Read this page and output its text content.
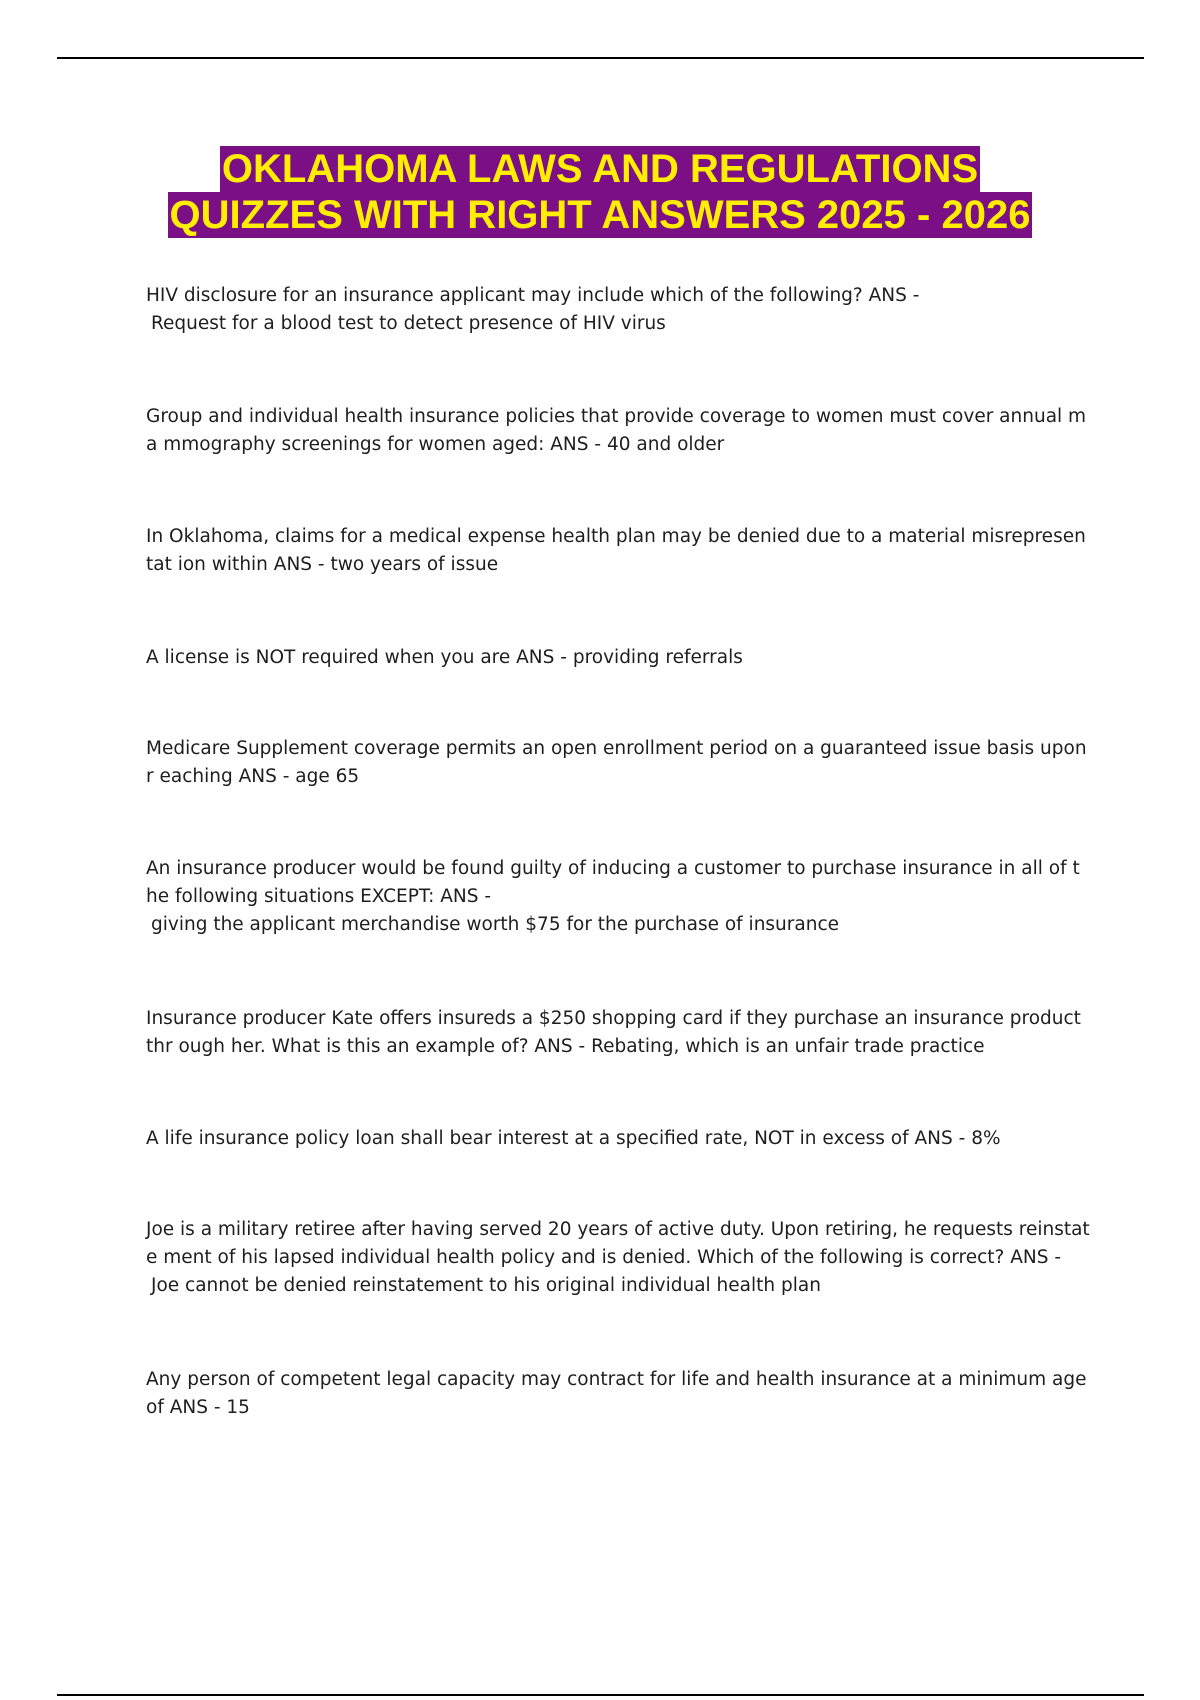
OKLAHOMA LAWS AND REGULATIONS
QUIZZES WITH RIGHT ANSWERS 2025 - 2026
HIV disclosure for an insurance applicant may include which of the following? ANS -
Request for a blood test to detect presence of HIV virus
Group and individual health insurance policies that provide coverage to women must cover annual ma mmography screenings for women aged: ANS - 40 and older
In Oklahoma, claims for a medical expense health plan may be denied due to a material misrepresentat ion within ANS - two years of issue
A license is NOT required when you are ANS - providing referrals
Medicare Supplement coverage permits an open enrollment period on a guaranteed issue basis upon r eaching ANS - age 65
An insurance producer would be found guilty of inducing a customer to purchase insurance in all of the following situations EXCEPT: ANS -
giving the applicant merchandise worth $75 for the purchase of insurance
Insurance producer Kate offers insureds a $250 shopping card if they purchase an insurance product thr ough her. What is this an example of? ANS - Rebating, which is an unfair trade practice
A life insurance policy loan shall bear interest at a specified rate, NOT in excess of ANS - 8%
Joe is a military retiree after having served 20 years of active duty. Upon retiring, he requests reinstate ment of his lapsed individual health policy and is denied. Which of the following is correct? ANS -
Joe cannot be denied reinstatement to his original individual health plan
Any person of competent legal capacity may contract for life and health insurance at a minimum age of ANS - 15
